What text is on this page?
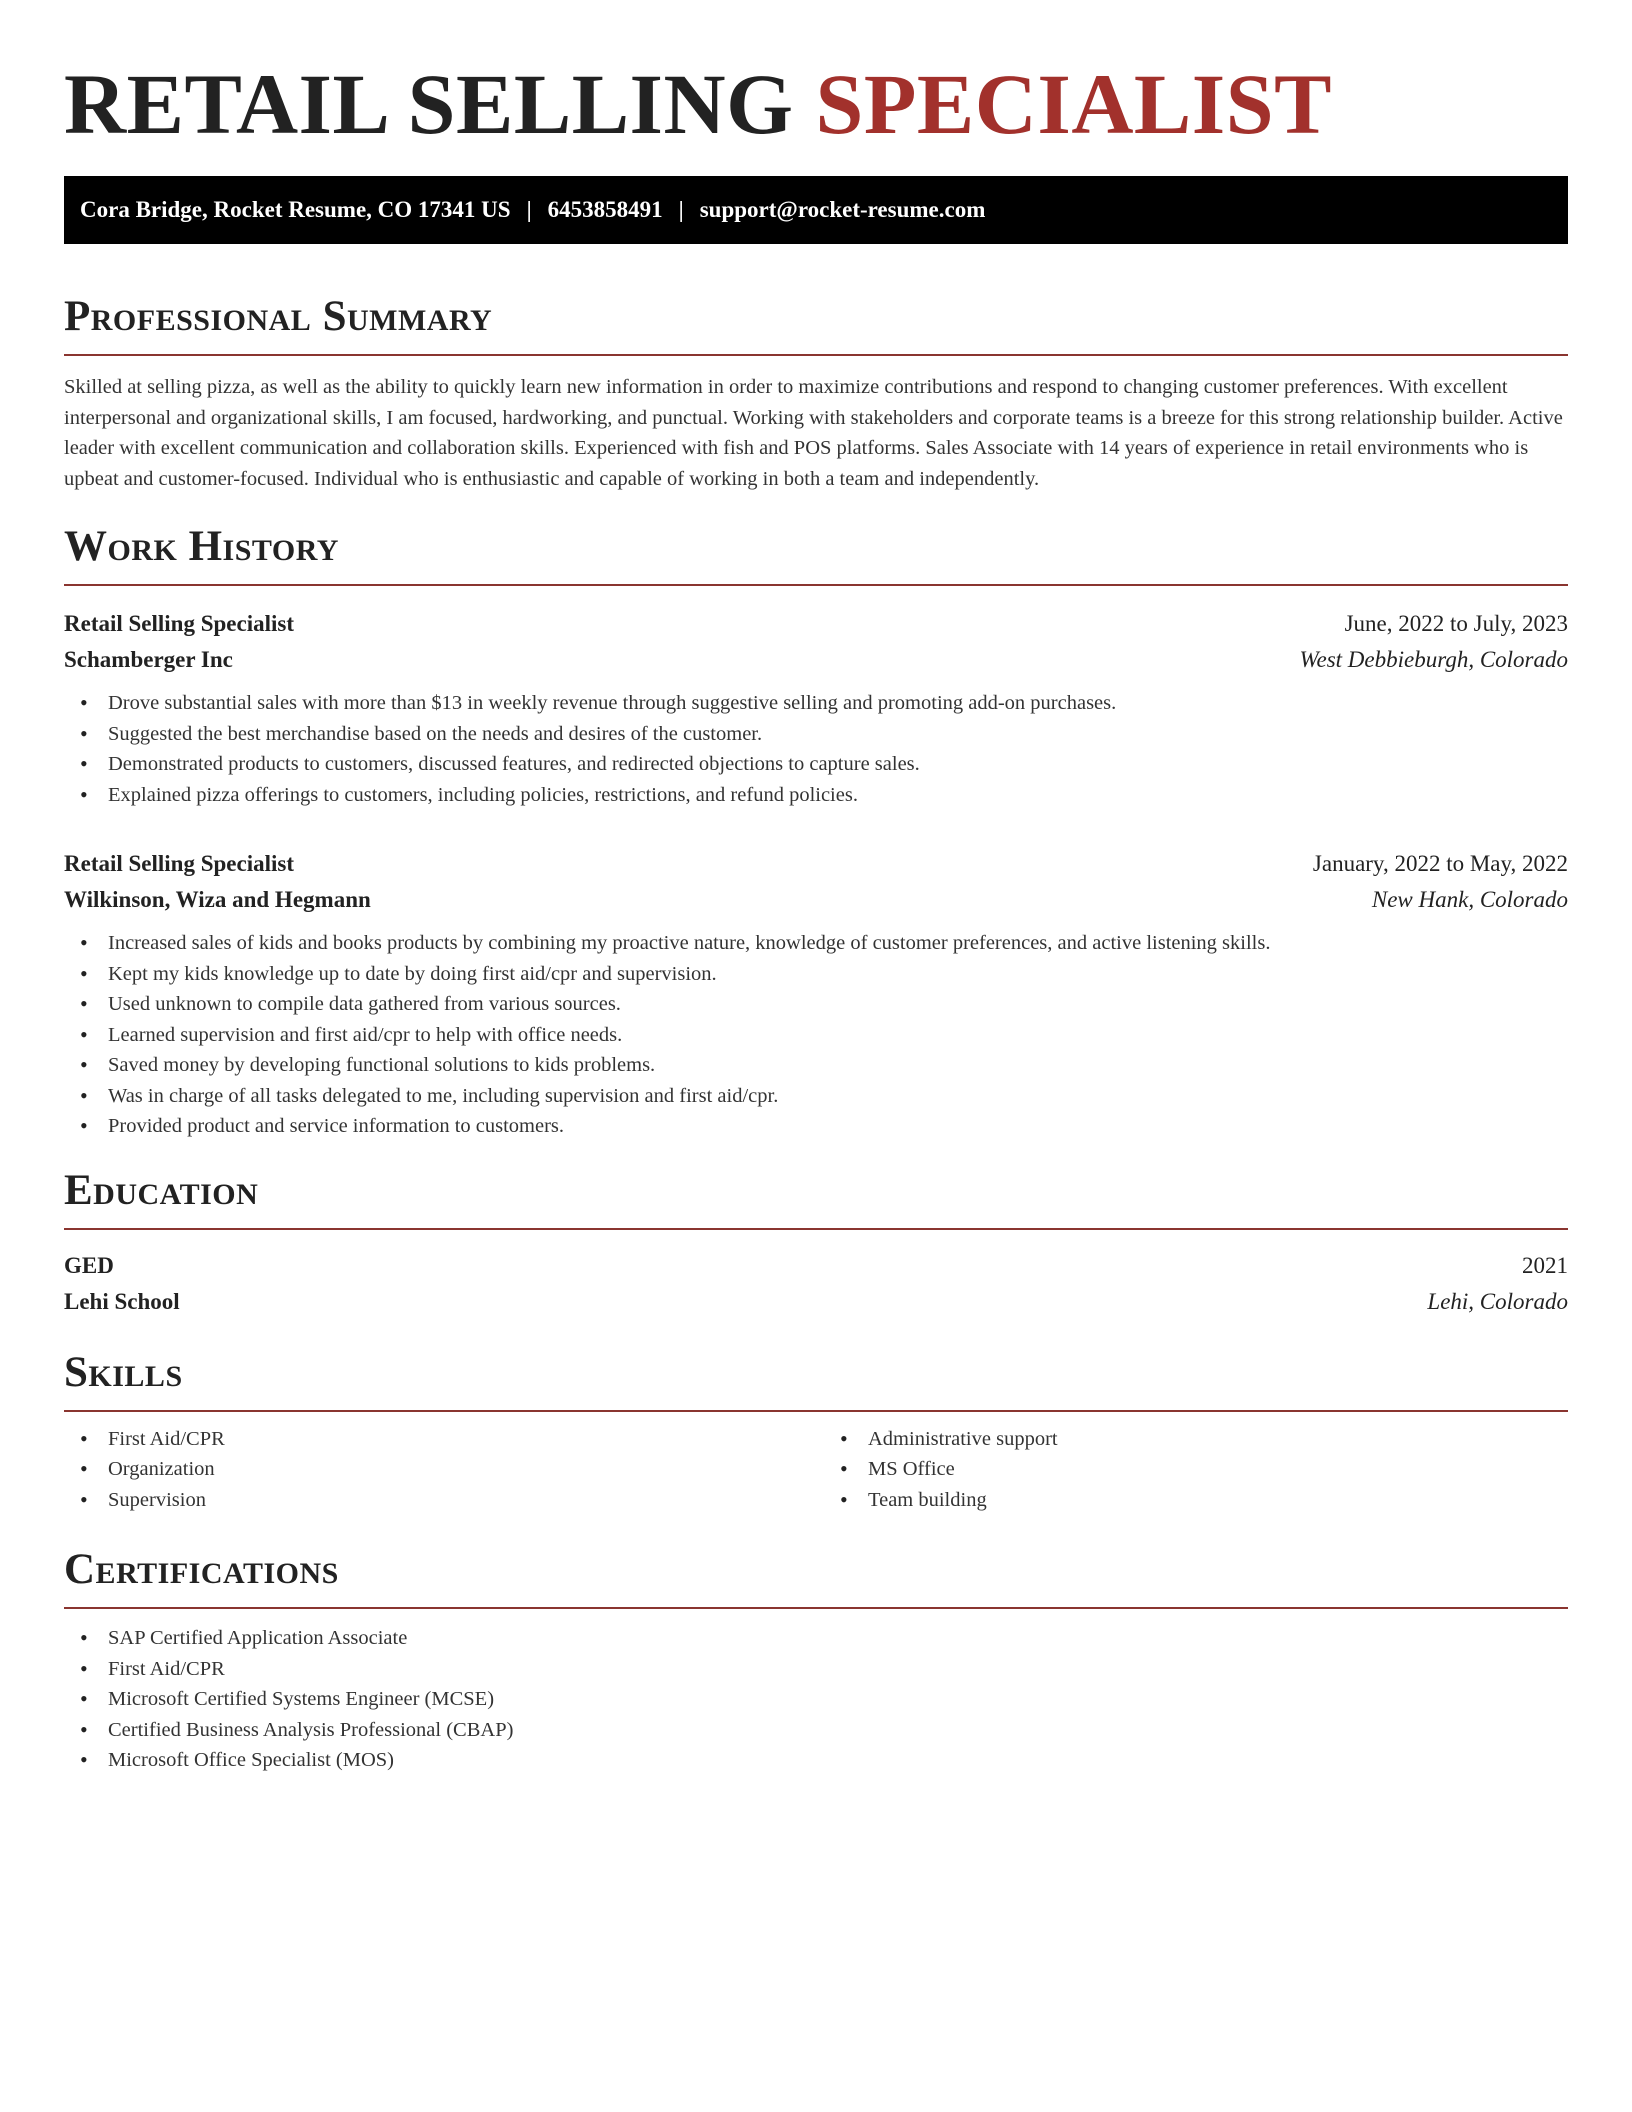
RETAIL SELLING SPECIALIST
Cora Bridge, Rocket Resume, CO 17341 US | 6453858491 | support@rocket-resume.com
Professional Summary

Skilled at selling pizza, as well as the ability to quickly learn new information in order to maximize contributions and respond to changing customer preferences. With excellent interpersonal and organizational skills, I am focused, hardworking, and punctual. Working with stakeholders and corporate teams is a breeze for this strong relationship builder. Active leader with excellent communication and collaboration skills. Experienced with fish and POS platforms. Sales Associate with 14 years of experience in retail environments who is upbeat and customer-focused. Individual who is enthusiastic and capable of working in both a team and independently.

Work History
Retail Selling Specialist	June, 2022 to July, 2023
Schamberger Inc	West Debbieburgh, Colorado
• Drove substantial sales with more than $13 in weekly revenue through suggestive selling and promoting add-on purchases.
• Suggested the best merchandise based on the needs and desires of the customer.
• Demonstrated products to customers, discussed features, and redirected objections to capture sales.
• Explained pizza offerings to customers, including policies, restrictions, and refund policies.
Retail Selling Specialist	January, 2022 to May, 2022
Wilkinson, Wiza and Hegmann	New Hank, Colorado
• Increased sales of kids and books products by combining my proactive nature, knowledge of customer preferences, and active listening skills.
• Kept my kids knowledge up to date by doing first aid/cpr and supervision.
• Used unknown to compile data gathered from various sources.
• Learned supervision and first aid/cpr to help with office needs.
• Saved money by developing functional solutions to kids problems.
• Was in charge of all tasks delegated to me, including supervision and first aid/cpr.
• Provided product and service information to customers.
Education
GED	2021
Lehi School	Lehi, Colorado
Skills
• First Aid/CPR
• Organization
• Supervision
• Administrative support
• MS Office
• Team building
Certifications
• SAP Certified Application Associate
• First Aid/CPR
• Microsoft Certified Systems Engineer (MCSE)
• Certified Business Analysis Professional (CBAP)
• Microsoft Office Specialist (MOS)
